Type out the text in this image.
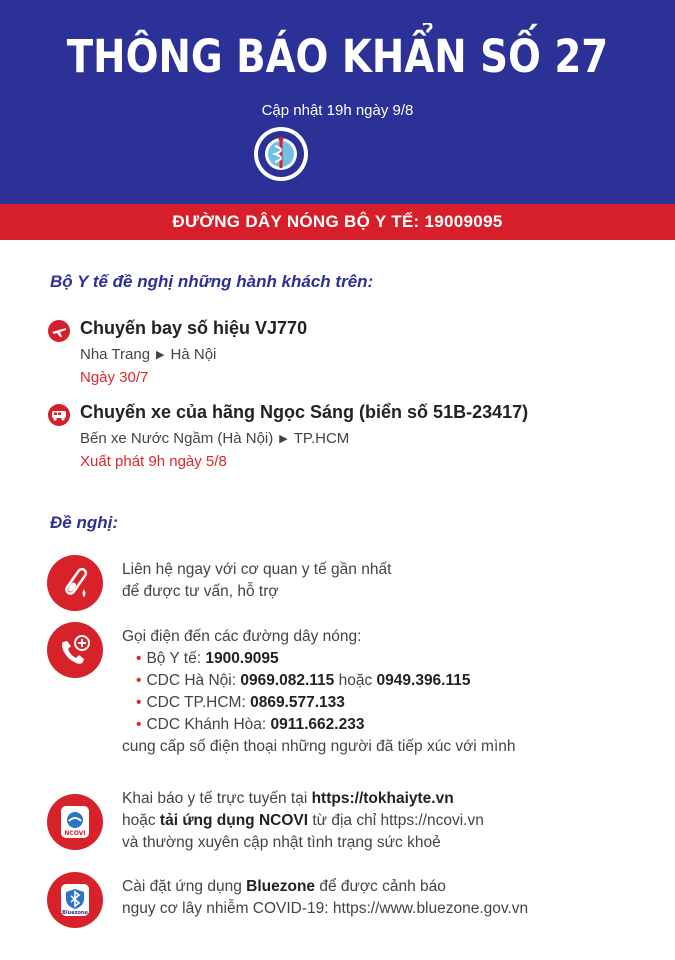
THÔNG BÁO KHẨN SỐ 27
Cập nhật 19h ngày 9/8
ĐƯỜNG DÂY NÓNG BỘ Y TẾ: 19009095
Bộ Y tế đề nghị những hành khách trên:
Chuyến bay số hiệu VJ770
Nha Trang ▶ Hà Nội
Ngày 30/7
Chuyến xe của hãng Ngọc Sáng (biển số 51B-23417)
Bến xe Nước Ngầm (Hà Nội) ▶ TP.HCM
Xuất phát 9h ngày 5/8
Đề nghị:
Liên hệ ngay với cơ quan y tế gần nhất
để được tư vấn, hỗ trợ
Gọi điện đến các đường dây nóng:
• Bộ Y tế: 1900.9095
• CDC Hà Nội: 0969.082.115 hoặc 0949.396.115
• CDC TP.HCM: 0869.577.133
• CDC Khánh Hòa: 0911.662.233
cung cấp số điện thoại những người đã tiếp xúc với mình
NCOVI
Khai báo y tế trực tuyến tại https://tokhaiyte.vn
hoặc tải ứng dụng NCOVI từ địa chỉ https://ncovi.vn
và thường xuyên cập nhật tình trạng sức khoẻ
Bluezone
Cài đặt ứng dụng Bluezone để được cảnh báo
nguy cơ lây nhiễm COVID-19: https://www.bluezone.gov.vn
